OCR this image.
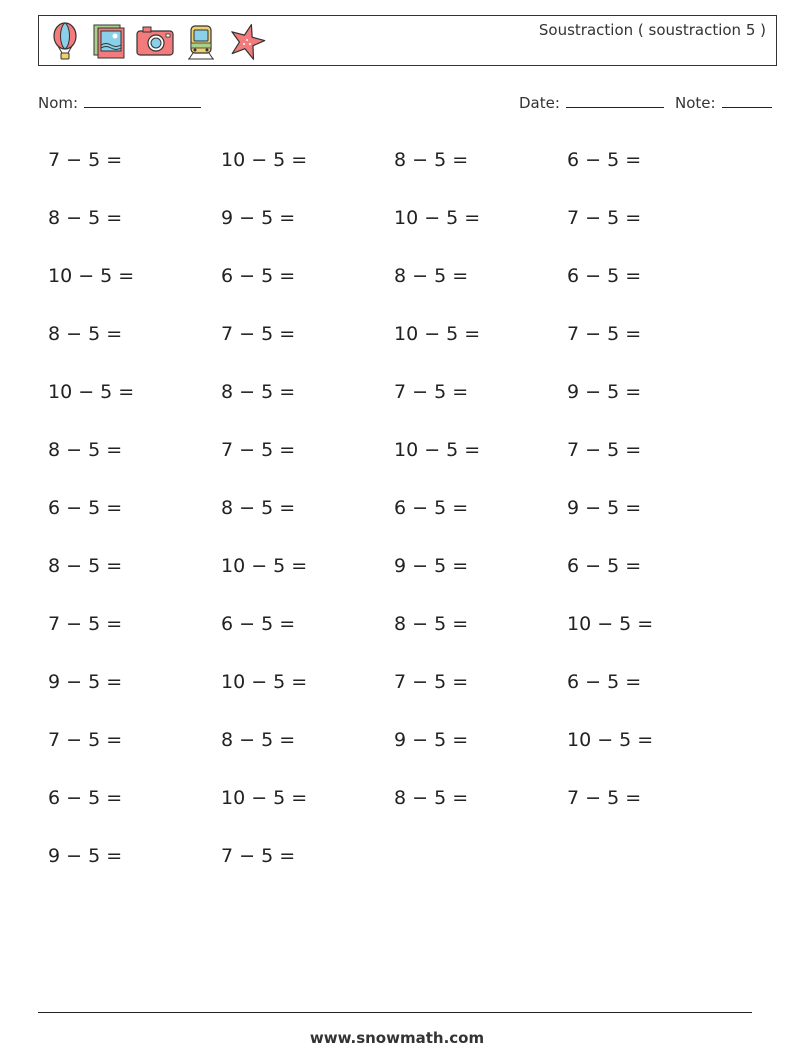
Soustraction ( soustraction 5 )
Nom:	Date:	Note:
7 − 5 =	10 − 5 =	8 − 5 =	6 − 5 =
8 − 5 =	9 − 5 =	10 − 5 =	7 − 5 =
10 − 5 =	6 − 5 =	8 − 5 =	6 − 5 =
8 − 5 =	7 − 5 =	10 − 5 =	7 − 5 =
10 − 5 =	8 − 5 =	7 − 5 =	9 − 5 =
8 − 5 =	7 − 5 =	10 − 5 =	7 − 5 =
6 − 5 =	8 − 5 =	6 − 5 =	9 − 5 =
8 − 5 =	10 − 5 =	9 − 5 =	6 − 5 =
7 − 5 =	6 − 5 =	8 − 5 =	10 − 5 =
9 − 5 =	10 − 5 =	7 − 5 =	6 − 5 =
7 − 5 =	8 − 5 =	9 − 5 =	10 − 5 =
6 − 5 =	10 − 5 =	8 − 5 =	7 − 5 =
9 − 5 =	7 − 5 =
www.snowmath.com
